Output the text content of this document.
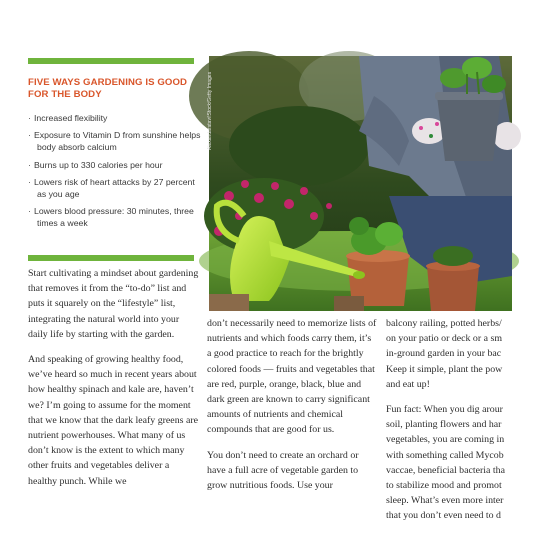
FIVE WAYS GARDENING IS GOOD FOR THE BODY
· Increased flexibility
· Exposure to Vitamin D from sunshine helps body absorb calcium
· Burns up to 330 calories per hour
· Lowers risk of heart attacks by 27 percent as you age
· Lowers blood pressure: 30 minutes, three times a week
Alexandaratav/iStock/Getty Images

Start cultivating a mindset about gardening that removes it from the “to-do” list and puts it squarely on the “lifestyle” list, integrating the natural world into your daily life by starting with the garden.

And speaking of growing healthy food, we’ve heard so much in recent years about how healthy spinach and kale are, haven’t we? I’m going to assume for the moment that we know that the dark leafy greens are nutrient powerhouses. What many of us don’t know is the extent to which many other fruits and vegetables deliver a healthy punch. While we

don’t necessarily need to memorize lists of nutrients and which foods carry them, it’s a good practice to reach for the brightly colored foods — fruits and vegetables that are red, purple, orange, black, blue and dark green are known to carry significant amounts of nutrients and chemical compounds that are good for us.

You don’t need to create an orchard or have a full acre of vegetable garden to grow nutritious foods. Use your

balcony railing, potted herbs/
on your patio or deck or a sm
in-ground garden in your bac
Keep it simple, plant the pow
and eat up!

Fun fact: When you dig arour
soil, planting flowers and har
vegetables, you are coming in
with something called Mycob
vaccae, beneficial bacteria tha
to stabilize mood and promot
sleep. What’s even more inter
that you don’t even need to d
